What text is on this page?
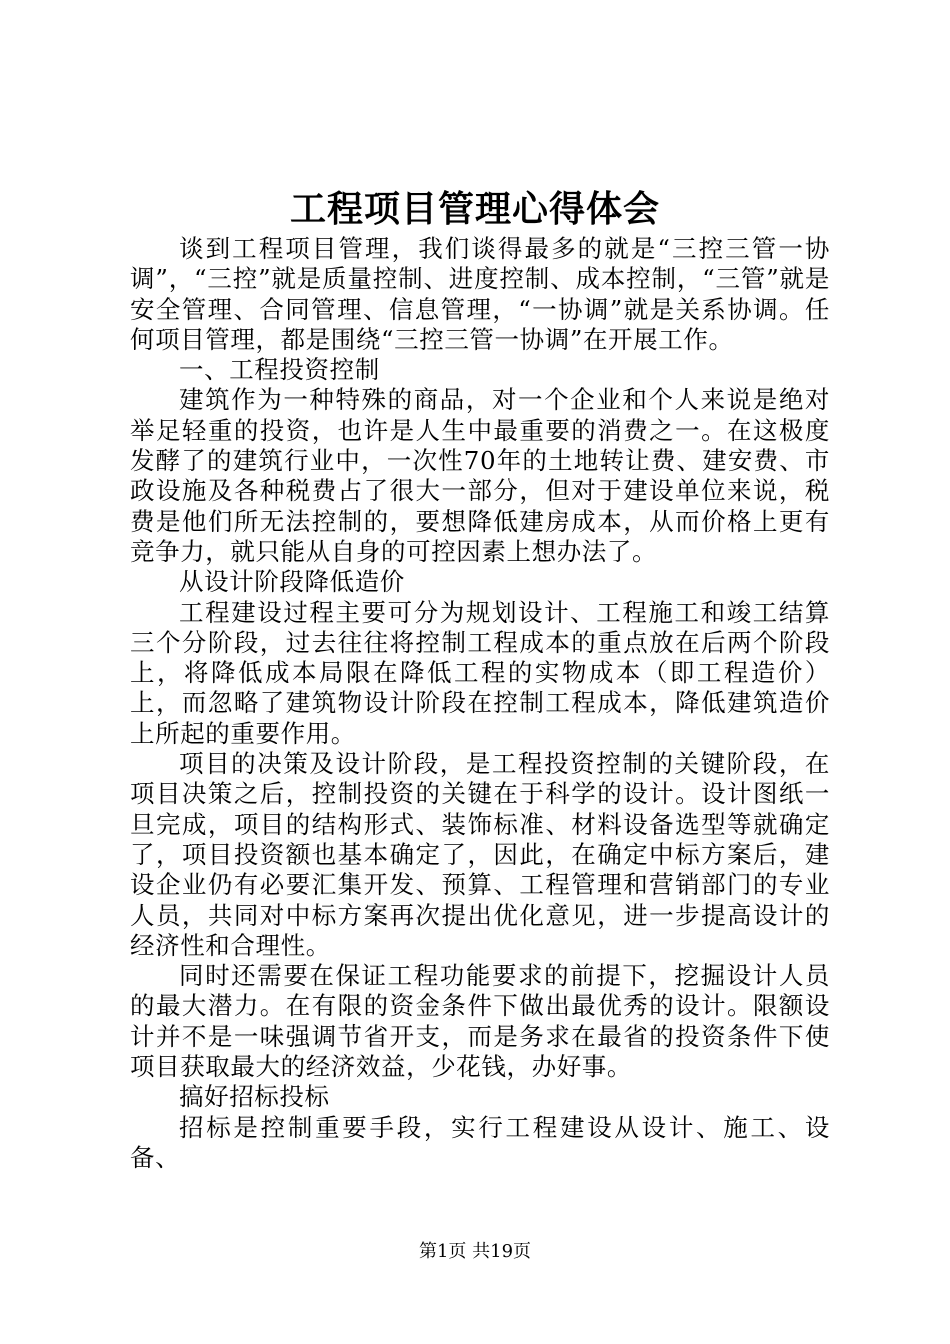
工程项目管理心得体会

谈到工程项目管理，我们谈得最多的就是“三控三管一协调”，“三控”就是质量控制、进度控制、成本控制，“三管”就是安全管理、合同管理、信息管理，“一协调”就是关系协调。任何项目管理，都是围绕“三控三管一协调”在开展工作。

一、工程投资控制

建筑作为一种特殊的商品，对一个企业和个人来说是绝对举足轻重的投资，也许是人生中最重要的消费之一。在这极度发酵了的建筑行业中，一次性70年的土地转让费、建安费、市政设施及各种税费占了很大一部分，但对于建设单位来说，税费是他们所无法控制的，要想降低建房成本，从而价格上更有竞争力，就只能从自身的可控因素上想办法了。

从设计阶段降低造价

工程建设过程主要可分为规划设计、工程施工和竣工结算三个分阶段，过去往往将控制工程成本的重点放在后两个阶段上，将降低成本局限在降低工程的实物成本（即工程造价）上，而忽略了建筑物设计阶段在控制工程成本，降低建筑造价上所起的重要作用。

项目的决策及设计阶段，是工程投资控制的关键阶段，在项目决策之后，控制投资的关键在于科学的设计。设计图纸一旦完成，项目的结构形式、装饰标准、材料设备选型等就确定了，项目投资额也基本确定了，因此，在确定中标方案后，建设企业仍有必要汇集开发、预算、工程管理和营销部门的专业人员，共同对中标方案再次提出优化意见，进一步提高设计的经济性和合理性。

同时还需要在保证工程功能要求的前提下，挖掘设计人员的最大潜力。在有限的资金条件下做出最优秀的设计。限额设计并不是一味强调节省开支，而是务求在最省的投资条件下使项目获取最大的经济效益，少花钱，办好事。

搞好招标投标

招标是控制重要手段，实行工程建设从设计、施工、设备、

第1页 共19页
